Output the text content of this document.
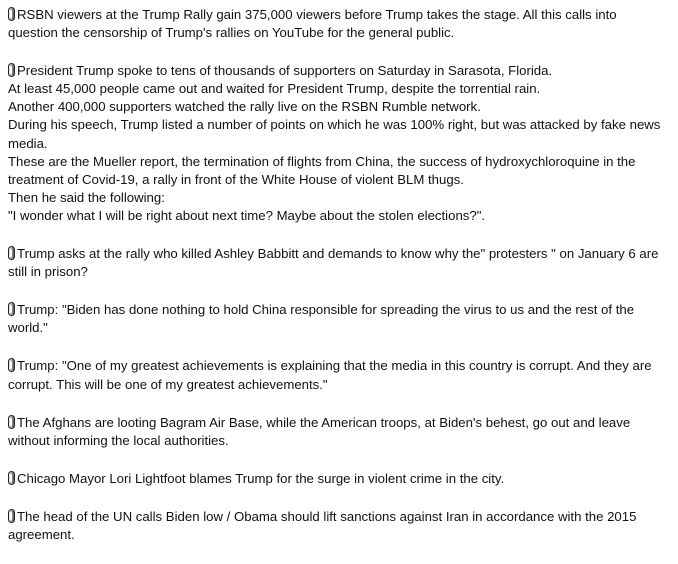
RSBN viewers at the Trump Rally gain 375,000 viewers before Trump takes the stage. All this calls into question the censorship of Trump's rallies on YouTube for the general public.
President Trump spoke to tens of thousands of supporters on Saturday in Sarasota, Florida.
At least 45,000 people came out and waited for President Trump, despite the torrential rain.
Another 400,000 supporters watched the rally live on the RSBN Rumble network.
During his speech, Trump listed a number of points on which he was 100% right, but was attacked by fake news media.
These are the Mueller report, the termination of flights from China, the success of hydroxychloroquine in the treatment of Covid-19, a rally in front of the White House of violent BLM thugs.
Then he said the following:
"I wonder what I will be right about next time? Maybe about the stolen elections?".
Trump asks at the rally who killed Ashley Babbitt and demands to know why the" protesters " on January 6 are still in prison?
Trump: "Biden has done nothing to hold China responsible for spreading the virus to us and the rest of the world."
Trump: "One of my greatest achievements is explaining that the media in this country is corrupt. And they are corrupt. This will be one of my greatest achievements."
The Afghans are looting Bagram Air Base, while the American troops, at Biden's behest, go out and leave without informing the local authorities.
Chicago Mayor Lori Lightfoot blames Trump for the surge in violent crime in the city.
The head of the UN calls Biden low / Obama should lift sanctions against Iran in accordance with the 2015 agreement.
